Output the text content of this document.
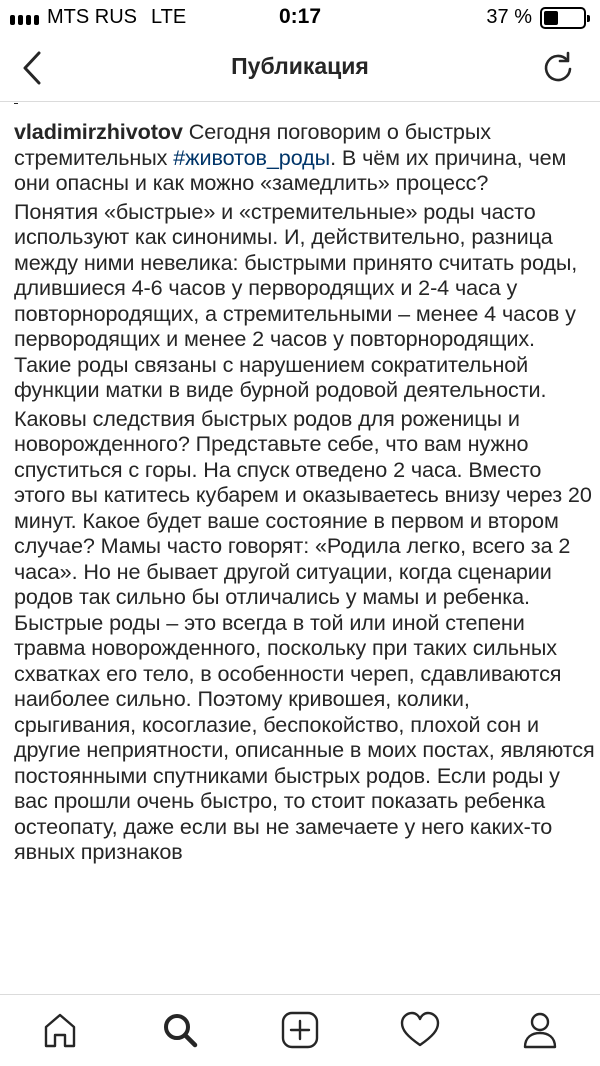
MTS RUS LTE	0:17	37 %
Публикация

vladimirzhivotov Сегодня поговорим о быстрых стремительных #животов_роды. В чём их причина, чем они опасны и как можно «замедлить» процесс?

Понятия «быстрые» и «стремительные» роды часто используют как синонимы. И, действительно, разница между ними невелика: быстрыми принято считать роды, длившиеся 4-6 часов у первородящих и 2-4 часа у повторнородящих, а стремительными – менее 4 часов у первородящих и менее 2 часов у повторнородящих. Такие роды связаны с нарушением сократительной функции матки в виде бурной родовой деятельности.

Каковы следствия быстрых родов для роженицы и новорожденного? Представьте себе, что вам нужно спуститься с горы. На спуск отведено 2 часа. Вместо этого вы катитесь кубарем и оказываетесь внизу через 20 минут. Какое будет ваше состояние в первом и втором случае? Мамы часто говорят: «Родила легко, всего за 2 часа». Но не бывает другой ситуации, когда сценарии родов так сильно бы отличались у мамы и ребенка. Быстрые роды – это всегда в той или иной степени травма новорожденного, поскольку при таких сильных схватках его тело, в особенности череп, сдавливаются наиболее сильно. Поэтому кривошея, колики, срыгивания, косоглазие, беспокойство, плохой сон и другие неприятности, описанные в моих постах, являются постоянными спутниками быстрых родов. Если роды у вас прошли очень быстро, то стоит показать ребенка остеопату, даже если вы не замечаете у него каких-то явных признаков
